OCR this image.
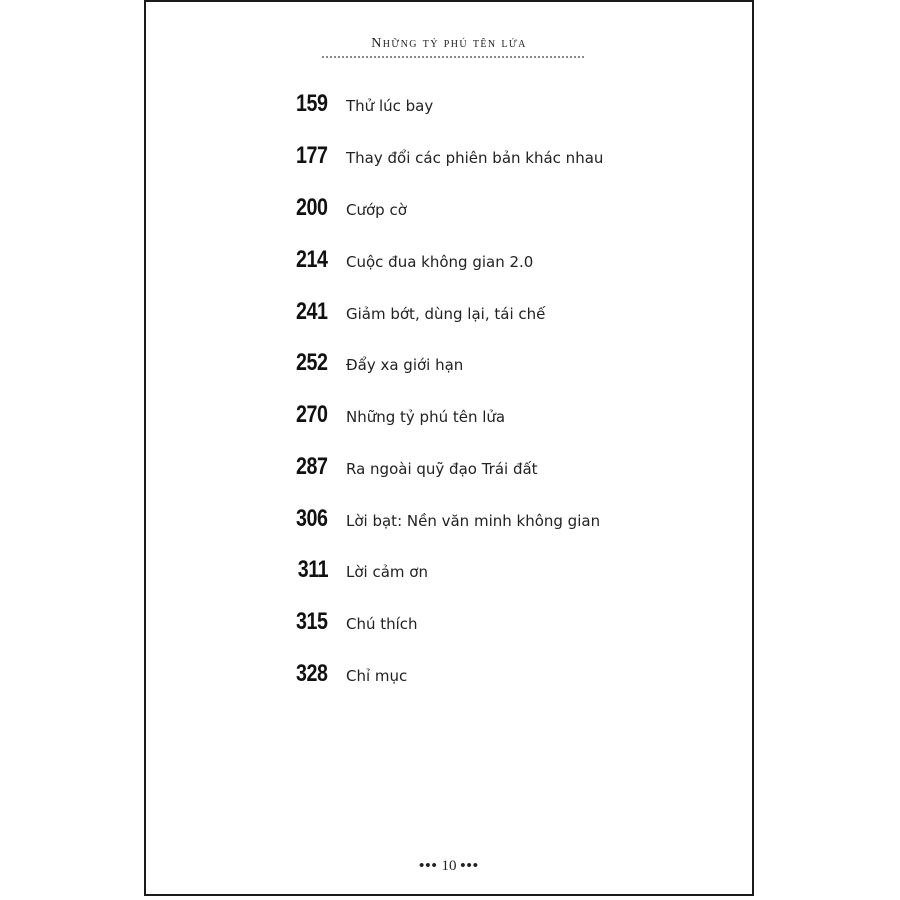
Những tỷ phú tên lửa
159 Thử lúc bay
177 Thay đổi các phiên bản khác nhau
200 Cướp cờ
214 Cuộc đua không gian 2.0
241 Giảm bớt, dùng lại, tái chế
252 Đẩy xa giới hạn
270 Những tỷ phú tên lửa
287 Ra ngoài quỹ đạo Trái đất
306 Lời bạt: Nền văn minh không gian
311 Lời cảm ơn
315 Chú thích
328 Chỉ mục
••• 10 •••
